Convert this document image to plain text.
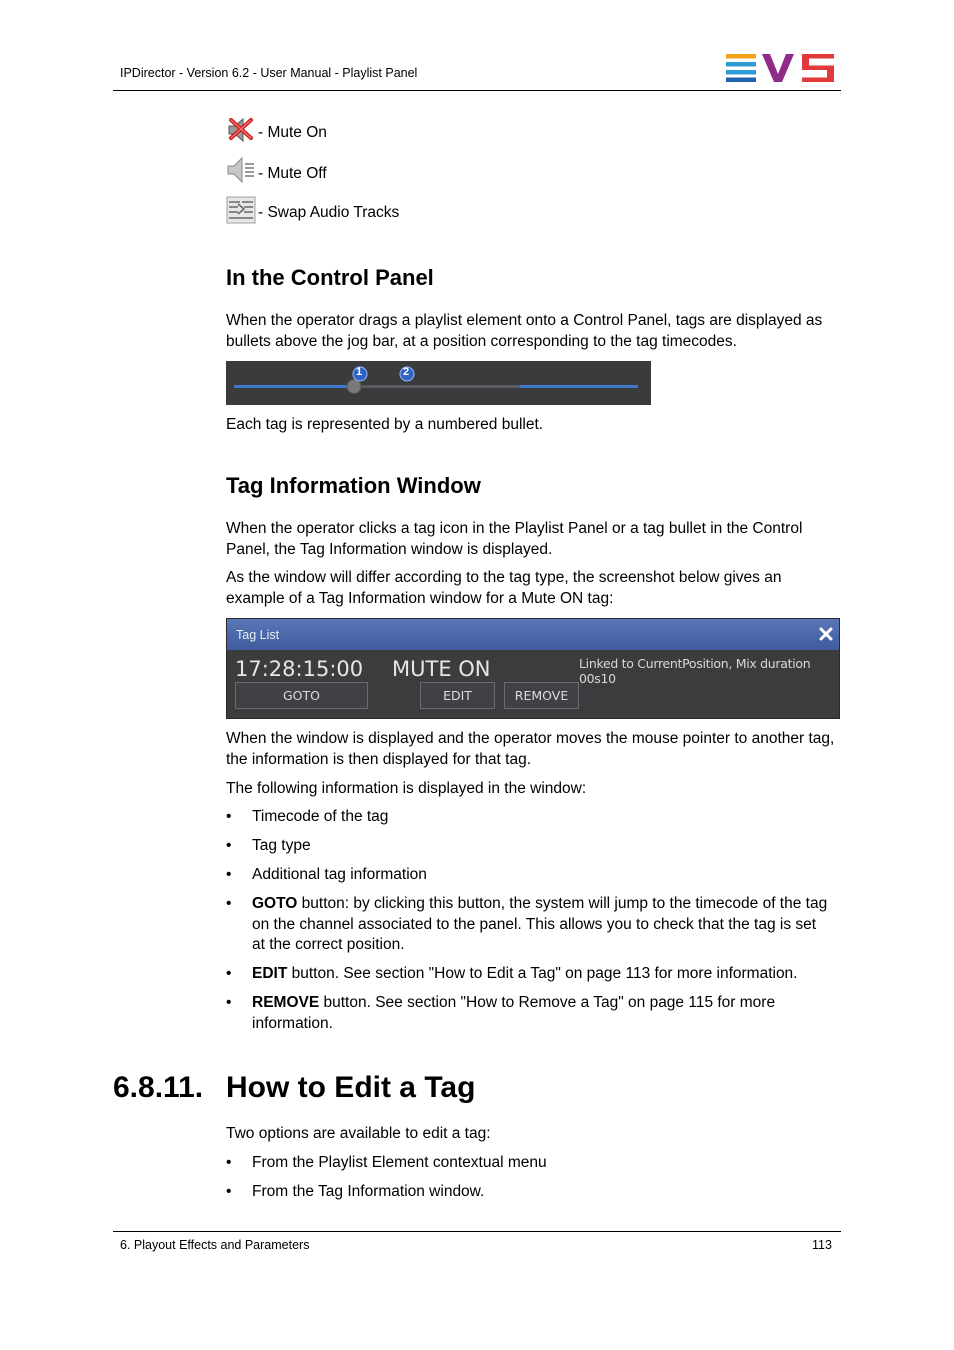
IPDirector - Version 6.2 - User Manual - Playlist Panel
- Mute On
- Mute Off
- Swap Audio Tracks
In the Control Panel
When the operator drags a playlist element onto a Control Panel, tags are displayed as bullets above the jog bar, at a position corresponding to the tag timecodes.
1	2
Each tag is represented by a numbered bullet.
Tag Information Window
When the operator clicks a tag icon in the Playlist Panel or a tag bullet in the Control Panel, the Tag Information window is displayed.
As the window will differ according to the tag type, the screenshot below gives an example of a Tag Information window for a Mute ON tag:
Tag List
17:28:15:00 MUTE ON	Linked to CurrentPosition, Mix duration 00s10
GOTO	EDIT	REMOVE
When the window is displayed and the operator moves the mouse pointer to another tag, the information is then displayed for that tag.
The following information is displayed in the window:
• Timecode of the tag
• Tag type
• Additional tag information
• GOTO button: by clicking this button, the system will jump to the timecode of the tag on the channel associated to the panel. This allows you to check that the tag is set at the correct position.
• EDIT button. See section "How to Edit a Tag" on page 113 for more information.
• REMOVE button. See section "How to Remove a Tag" on page 115 for more information.
6.8.11. How to Edit a Tag
Two options are available to edit a tag:
• From the Playlist Element contextual menu
• From the Tag Information window.
6. Playout Effects and Parameters	113
